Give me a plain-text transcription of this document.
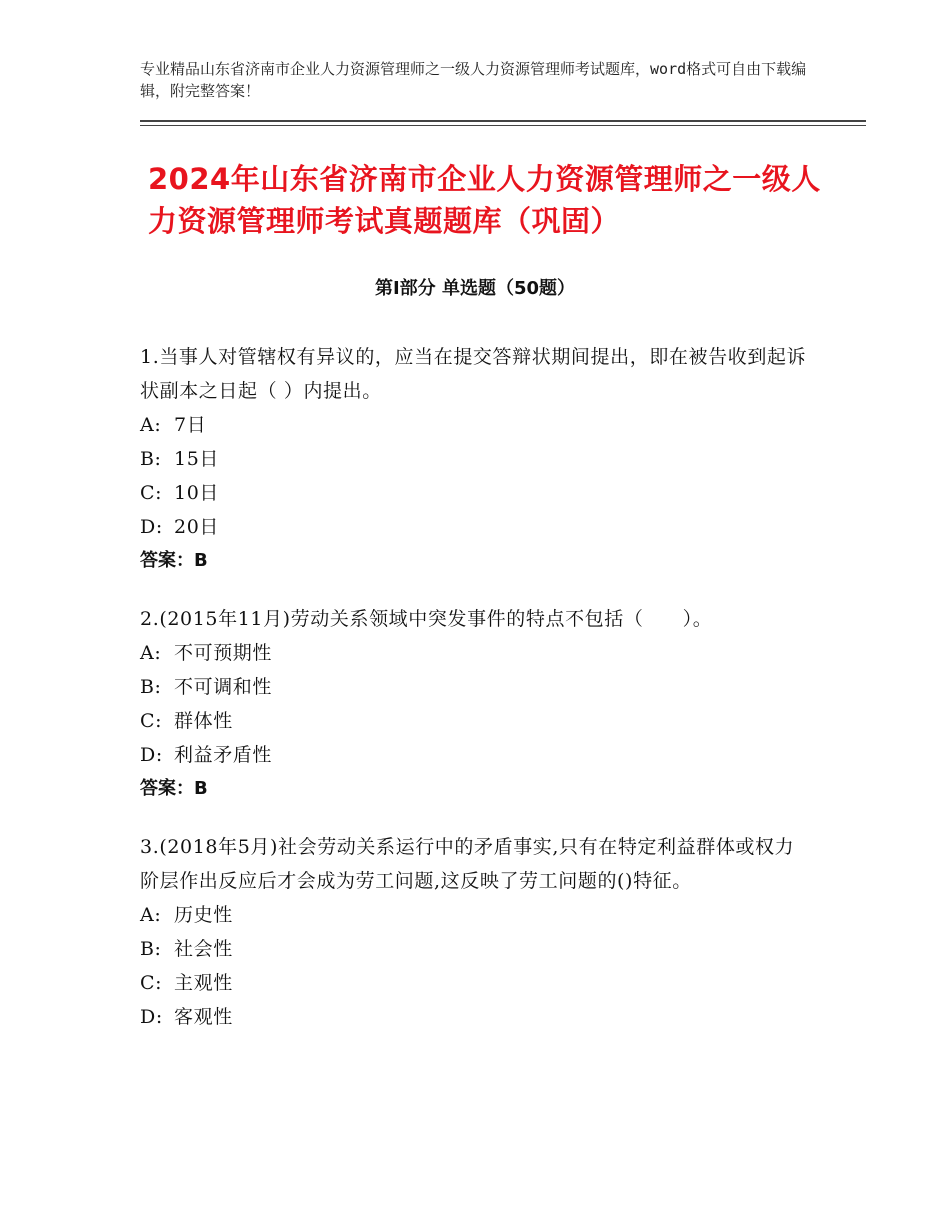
专业精品山东省济南市企业人力资源管理师之一级人力资源管理师考试题库，word格式可自由下载编辑，附完整答案！
2024年山东省济南市企业人力资源管理师之一级人力资源管理师考试真题题库（巩固）
第Ⅰ部分 单选题（50题）
1.当事人对管辖权有异议的，应当在提交答辩状期间提出，即在被告收到起诉状副本之日起（ ）内提出。
A: 7日
B: 15日
C: 10日
D: 20日
答案：B
2.(2015年11月)劳动关系领域中突发事件的特点不包括（　　）。
A: 不可预期性
B: 不可调和性
C: 群体性
D: 利益矛盾性
答案：B
3.(2018年5月)社会劳动关系运行中的矛盾事实,只有在特定利益群体或权力阶层作出反应后才会成为劳工问题,这反映了劳工问题的()特征。
A: 历史性
B: 社会性
C: 主观性
D: 客观性
